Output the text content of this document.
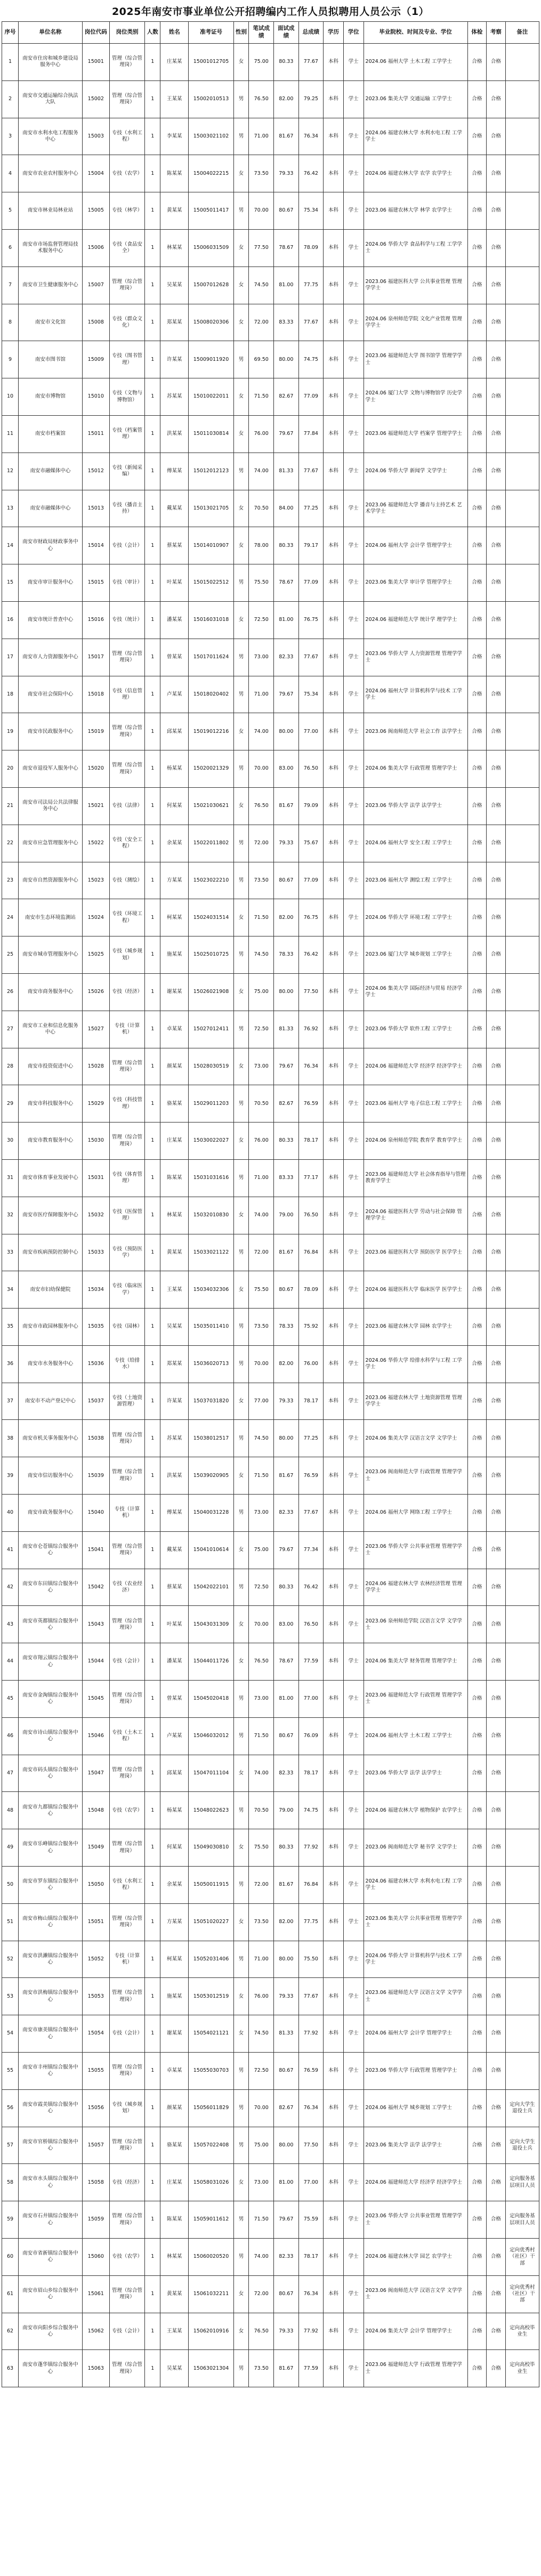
2025年南安市事业单位公开招聘编内工作人员拟聘用人员公示（1）
序号	单位名称	岗位代码	岗位类别	人数	姓名	准考证号	性别	笔试成绩	面试成绩	总成绩	学历	学位	毕业院校、时间及专业、学位	体检	考察	备注
1	南安市住房和城乡建设局服务中心	15001	管理（综合管理岗）	1	庄某某	15001012705	女	75.00	80.33	77.67	本科	学士	2024.06 福州大学 土木工程 工学学士	合格	合格	
2	南安市交通运输综合执法大队	15002	管理（综合管理岗）	1	王某某	15002010513	男	76.50	82.00	79.25	本科	学士	2023.06 集美大学 交通运输 工学学士	合格	合格	
3	南安市水利水电工程服务中心	15003	专技（水利工程）	1	李某某	15003021102	男	71.00	81.67	76.34	本科	学士	2024.06 福建农林大学 水利水电工程 工学学士	合格	合格	
4	南安市农业农村服务中心	15004	专技（农学）	1	陈某某	15004022215	女	73.50	79.33	76.42	本科	学士	2024.06 福建农林大学 农学 农学学士	合格	合格	
5	南安市林业局林业站	15005	专技（林学）	1	黄某某	15005011417	男	70.00	80.67	75.34	本科	学士	2023.06 福建农林大学 林学 农学学士	合格	合格	
6	南安市市场监督管理局技术服务中心	15006	专技（食品安全）	1	林某某	15006031509	女	77.50	78.67	78.09	本科	学士	2024.06 华侨大学 食品科学与工程 工学学士	合格	合格	
7	南安市卫生健康服务中心	15007	管理（综合管理岗）	1	吴某某	15007012628	女	74.50	81.00	77.75	本科	学士	2023.06 福建医科大学 公共事业管理 管理学学士	合格	合格	
8	南安市文化馆	15008	专技（群众文化）	1	郑某某	15008020306	女	72.00	83.33	77.67	本科	学士	2024.06 泉州师范学院 文化产业管理 管理学学士	合格	合格	
9	南安市图书馆	15009	专技（图书管理）	1	许某某	15009011920	男	69.50	80.00	74.75	本科	学士	2023.06 福建师范大学 图书馆学 管理学学士	合格	合格	
10	南安市博物馆	15010	专技（文物与博物馆）	1	苏某某	15010022011	女	71.50	82.67	77.09	本科	学士	2024.06 厦门大学 文物与博物馆学 历史学学士	合格	合格	
11	南安市档案馆	15011	专技（档案管理）	1	洪某某	15011030814	女	76.00	79.67	77.84	本科	学士	2023.06 福建师范大学 档案学 管理学学士	合格	合格	
12	南安市融媒体中心	15012	专技（新闻采编）	1	傅某某	15012012123	男	74.00	81.33	77.67	本科	学士	2024.06 华侨大学 新闻学 文学学士	合格	合格	
13	南安市融媒体中心	15013	专技（播音主持）	1	戴某某	15013021705	女	70.50	84.00	77.25	本科	学士	2023.06 福建师范大学 播音与主持艺术 艺术学学士	合格	合格	
14	南安市财政局财政事务中心	15014	专技（会计）	1	蔡某某	15014010907	女	78.00	80.33	79.17	本科	学士	2024.06 福州大学 会计学 管理学学士	合格	合格	
15	南安市审计服务中心	15015	专技（审计）	1	叶某某	15015022512	男	75.50	78.67	77.09	本科	学士	2023.06 集美大学 审计学 管理学学士	合格	合格	
16	南安市统计普查中心	15016	专技（统计）	1	潘某某	15016031018	女	72.50	81.00	76.75	本科	学士	2024.06 福建师范大学 统计学 理学学士	合格	合格	
17	南安市人力资源服务中心	15017	管理（综合管理岗）	1	曾某某	15017011624	男	73.00	82.33	77.67	本科	学士	2023.06 华侨大学 人力资源管理 管理学学士	合格	合格	
18	南安市社会保险中心	15018	专技（信息管理）	1	卢某某	15018020402	男	71.00	79.67	75.34	本科	学士	2024.06 福州大学 计算机科学与技术 工学学士	合格	合格	
19	南安市民政服务中心	15019	管理（综合管理岗）	1	邱某某	15019012216	女	74.00	80.00	77.00	本科	学士	2023.06 闽南师范大学 社会工作 法学学士	合格	合格	
20	南安市退役军人服务中心	15020	管理（综合管理岗）	1	杨某某	15020021329	男	70.00	83.00	76.50	本科	学士	2024.06 集美大学 行政管理 管理学学士	合格	合格	
21	南安市司法局公共法律服务中心	15021	专技（法律）	1	何某某	15021030621	女	76.50	81.67	79.09	本科	学士	2023.06 华侨大学 法学 法学学士	合格	合格	
22	南安市应急管理服务中心	15022	专技（安全工程）	1	余某某	15022011802	男	72.00	79.33	75.67	本科	学士	2024.06 福州大学 安全工程 工学学士	合格	合格	
23	南安市自然资源服务中心	15023	专技（测绘）	1	方某某	15023022210	男	73.50	80.67	77.09	本科	学士	2023.06 福州大学 测绘工程 工学学士	合格	合格	
24	南安市生态环境监测站	15024	专技（环境工程）	1	柯某某	15024031514	女	71.50	82.00	76.75	本科	学士	2024.06 华侨大学 环境工程 工学学士	合格	合格	
25	南安市城市管理服务中心	15025	专技（城乡规划）	1	施某某	15025010725	男	74.50	78.33	76.42	本科	学士	2023.06 厦门大学 城乡规划 工学学士	合格	合格	
26	南安市商务服务中心	15026	专技（经济）	1	谢某某	15026021908	女	75.00	80.00	77.50	本科	学士	2024.06 集美大学 国际经济与贸易 经济学学士	合格	合格	
27	南安市工业和信息化服务中心	15027	专技（计算机）	1	卓某某	15027012411	男	72.50	81.33	76.92	本科	学士	2023.06 华侨大学 软件工程 工学学士	合格	合格	
28	南安市投资促进中心	15028	管理（综合管理岗）	1	颜某某	15028030519	女	73.00	79.67	76.34	本科	学士	2024.06 福建师范大学 经济学 经济学学士	合格	合格	
29	南安市科技服务中心	15029	专技（科技管理）	1	骆某某	15029011203	男	70.50	82.67	76.59	本科	学士	2023.06 福州大学 电子信息工程 工学学士	合格	合格	
30	南安市教育服务中心	15030	管理（综合管理岗）	1	庄某某	15030022027	女	76.00	80.33	78.17	本科	学士	2024.06 泉州师范学院 教育学 教育学学士	合格	合格	
31	南安市体育事业发展中心	15031	专技（体育管理）	1	陈某某	15031031616	男	71.00	83.33	77.17	本科	学士	2023.06 福建师范大学 社会体育指导与管理 教育学学士	合格	合格	
32	南安市医疗保障服务中心	15032	专技（医保管理）	1	林某某	15032010830	女	74.00	79.00	76.50	本科	学士	2024.06 福建医科大学 劳动与社会保障 管理学学士	合格	合格	
33	南安市疾病预防控制中心	15033	专技（预防医学）	1	黄某某	15033021122	男	72.00	81.67	76.84	本科	学士	2023.06 福建医科大学 预防医学 医学学士	合格	合格	
34	南安市妇幼保健院	15034	专技（临床医学）	1	王某某	15034032306	女	75.50	80.67	78.09	本科	学士	2024.06 福建医科大学 临床医学 医学学士	合格	合格	
35	南安市市政园林服务中心	15035	专技（园林）	1	吴某某	15035011410	男	73.50	78.33	75.92	本科	学士	2023.06 福建农林大学 园林 农学学士	合格	合格	
36	南安市水务服务中心	15036	专技（给排水）	1	郑某某	15036020713	男	70.00	82.00	76.00	本科	学士	2024.06 华侨大学 给排水科学与工程 工学学士	合格	合格	
37	南安市不动产登记中心	15037	专技（土地资源管理）	1	许某某	15037031820	女	77.00	79.33	78.17	本科	学士	2023.06 福建农林大学 土地资源管理 管理学学士	合格	合格	
38	南安市机关事务服务中心	15038	管理（综合管理岗）	1	苏某某	15038012517	男	74.50	80.00	77.25	本科	学士	2024.06 集美大学 汉语言文学 文学学士	合格	合格	
39	南安市信访服务中心	15039	管理（综合管理岗）	1	洪某某	15039020905	女	71.50	81.67	76.59	本科	学士	2023.06 闽南师范大学 行政管理 管理学学士	合格	合格	
40	南安市政务服务中心	15040	专技（计算机）	1	傅某某	15040031228	男	73.00	82.33	77.67	本科	学士	2024.06 福州大学 网络工程 工学学士	合格	合格	
41	南安市仑苍镇综合服务中心	15041	管理（综合管理岗）	1	戴某某	15041010614	女	75.00	79.67	77.34	本科	学士	2023.06 华侨大学 公共事业管理 管理学学士	合格	合格	
42	南安市东田镇综合服务中心	15042	专技（农业经济）	1	蔡某某	15042022101	男	72.50	80.33	76.42	本科	学士	2024.06 福建农林大学 农林经济管理 管理学学士	合格	合格	
43	南安市英都镇综合服务中心	15043	管理（综合管理岗）	1	叶某某	15043031309	女	70.00	83.00	76.50	本科	学士	2023.06 泉州师范学院 汉语言文学 文学学士	合格	合格	
44	南安市翔云镇综合服务中心	15044	专技（会计）	1	潘某某	15044011726	女	76.50	78.67	77.59	本科	学士	2024.06 集美大学 财务管理 管理学学士	合格	合格	
45	南安市金淘镇综合服务中心	15045	管理（综合管理岗）	1	曾某某	15045020418	男	73.00	81.00	77.00	本科	学士	2023.06 福建师范大学 行政管理 管理学学士	合格	合格	
46	南安市诗山镇综合服务中心	15046	专技（土木工程）	1	卢某某	15046032012	男	71.50	80.67	76.09	本科	学士	2024.06 福州大学 土木工程 工学学士	合格	合格	
47	南安市码头镇综合服务中心	15047	管理（综合管理岗）	1	邱某某	15047011104	女	74.00	82.33	78.17	本科	学士	2023.06 华侨大学 法学 法学学士	合格	合格	
48	南安市九都镇综合服务中心	15048	专技（农学）	1	杨某某	15048022623	男	70.50	79.00	74.75	本科	学士	2024.06 福建农林大学 植物保护 农学学士	合格	合格	
49	南安市乐峰镇综合服务中心	15049	管理（综合管理岗）	1	何某某	15049030810	女	75.50	80.33	77.92	本科	学士	2023.06 闽南师范大学 秘书学 文学学士	合格	合格	
50	南安市罗东镇综合服务中心	15050	专技（水利工程）	1	余某某	15050011915	男	72.00	81.67	76.84	本科	学士	2024.06 福建农林大学 水利水电工程 工学学士	合格	合格	
51	南安市梅山镇综合服务中心	15051	管理（综合管理岗）	1	方某某	15051020227	女	73.50	82.00	77.75	本科	学士	2023.06 集美大学 公共事业管理 管理学学士	合格	合格	
52	南安市洪濑镇综合服务中心	15052	专技（计算机）	1	柯某某	15052031406	男	71.00	80.00	75.50	本科	学士	2024.06 华侨大学 计算机科学与技术 工学学士	合格	合格	
53	南安市洪梅镇综合服务中心	15053	管理（综合管理岗）	1	施某某	15053012519	女	76.00	79.33	77.67	本科	学士	2023.06 福建师范大学 汉语言文学 文学学士	合格	合格	
54	南安市康美镇综合服务中心	15054	专技（会计）	1	谢某某	15054021121	女	74.50	81.33	77.92	本科	学士	2024.06 福州大学 会计学 管理学学士	合格	合格	
55	南安市丰州镇综合服务中心	15055	管理（综合管理岗）	1	卓某某	15055030703	男	72.50	80.67	76.59	本科	学士	2023.06 华侨大学 行政管理 管理学学士	合格	合格	
56	南安市霞美镇综合服务中心	15056	专技（城乡规划）	1	颜某某	15056011829	男	70.00	82.67	76.34	本科	学士	2024.06 福州大学 城乡规划 工学学士	合格	合格	定向大学生退役士兵
57	南安市官桥镇综合服务中心	15057	管理（综合管理岗）	1	骆某某	15057022408	男	75.00	80.00	77.50	本科	学士	2023.06 集美大学 法学 法学学士	合格	合格	定向大学生退役士兵
58	南安市水头镇综合服务中心	15058	专技（经济）	1	庄某某	15058031026	女	73.00	81.00	77.00	本科	学士	2024.06 福建师范大学 经济学 经济学学士	合格	合格	定向服务基层项目人员
59	南安市石井镇综合服务中心	15059	管理（综合管理岗）	1	陈某某	15059011612	男	71.50	79.67	75.59	本科	学士	2023.06 华侨大学 公共事业管理 管理学学士	合格	合格	定向服务基层项目人员
60	南安市省新镇综合服务中心	15060	专技（农学）	1	林某某	15060020520	男	74.00	82.33	78.17	本科	学士	2024.06 福建农林大学 园艺 农学学士	合格	合格	定向优秀村（社区）干部
61	南安市眉山乡综合服务中心	15061	管理（综合管理岗）	1	黄某某	15061032211	女	72.00	80.67	76.34	本科	学士	2023.06 闽南师范大学 汉语言文学 文学学士	合格	合格	定向优秀村（社区）干部
62	南安市向阳乡综合服务中心	15062	专技（会计）	1	王某某	15062010916	女	76.50	79.33	77.92	本科	学士	2024.06 集美大学 会计学 管理学学士	合格	合格	定向高校毕业生
63	南安市蓬华镇综合服务中心	15063	管理（综合管理岗）	1	吴某某	15063021304	男	73.50	81.67	77.59	本科	学士	2023.06 福建师范大学 行政管理 管理学学士	合格	合格	定向高校毕业生
